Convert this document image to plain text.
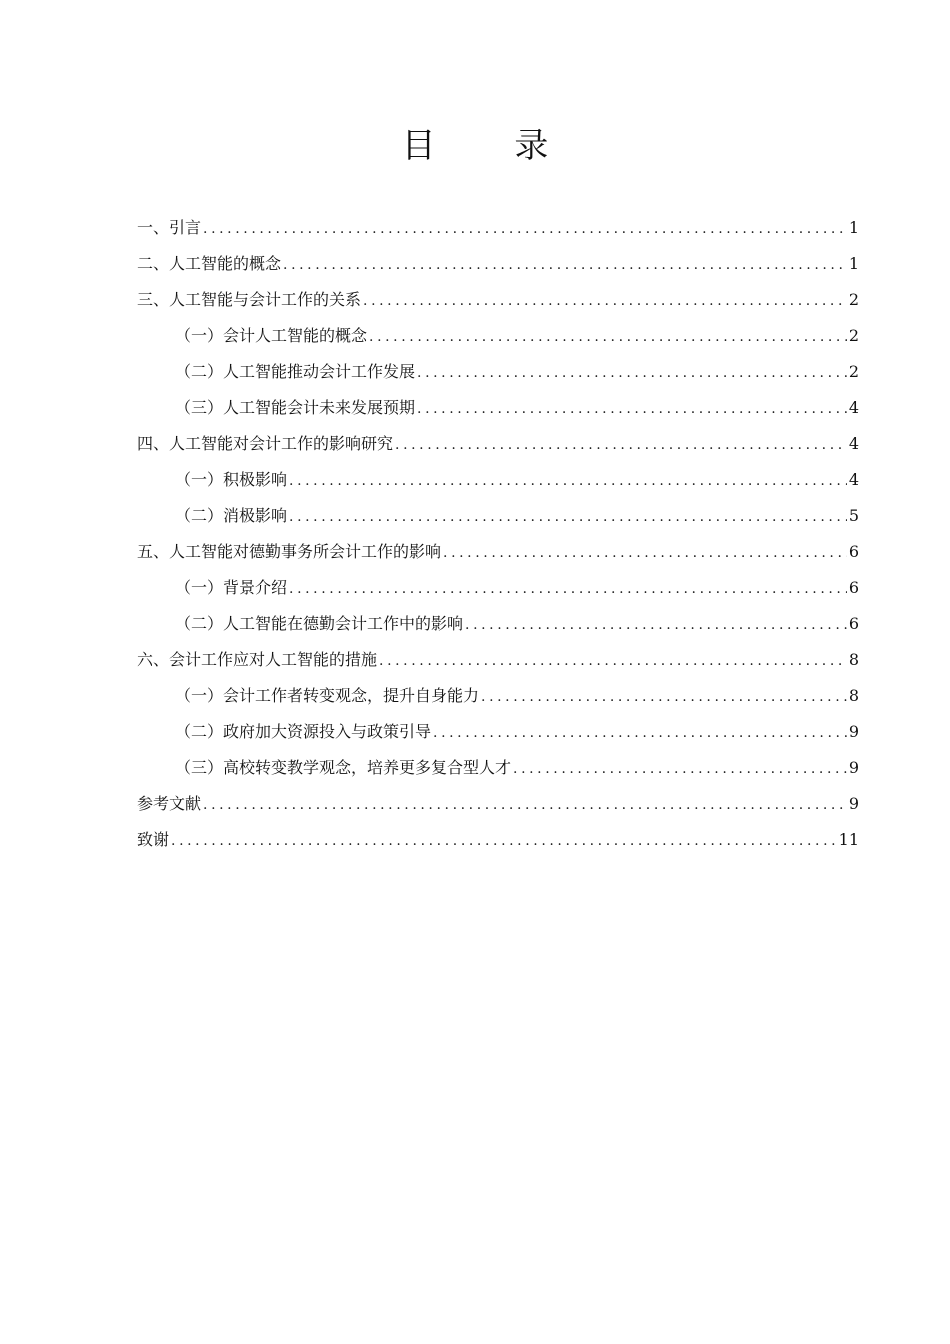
目 录
一、引言 .....	1
二、人工智能的概念 .....	1
三、人工智能与会计工作的关系 .....	2
（一）会计人工智能的概念 .....	2
（二）人工智能推动会计工作发展 .....	2
（三）人工智能会计未来发展预期 .....	4
四、人工智能对会计工作的影响研究 .....	4
（一）积极影响 .....	4
（二）消极影响 .....	5
五、人工智能对德勤事务所会计工作的影响 .....	6
（一）背景介绍 .....	6
（二）人工智能在德勤会计工作中的影响 .....	6
六、会计工作应对人工智能的措施 .....	8
（一）会计工作者转变观念，提升自身能力 .....	8
（二）政府加大资源投入与政策引导 .....	9
（三）高校转变教学观念，培养更多复合型人才 .....	9
参考文献 .....	9
致谢 .....	11
